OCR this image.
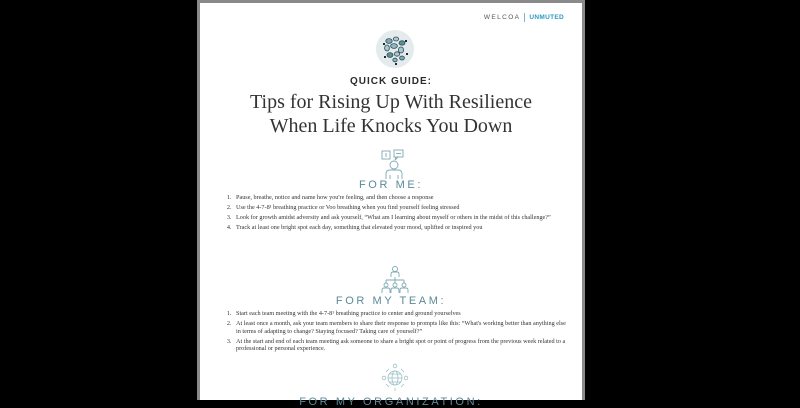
WELCOA UNMUTED
QUICK GUIDE:
Tips for Rising Up With Resilience
When Life Knocks You Down
FOR ME:
1. Pause, breathe, notice and name how you're feeling, and then choose a response
2. Use the 4-7-8¹ breathing practice or Voo breathing when you find yourself feeling stressed
3. Look for growth amidst adversity and ask yourself, “What am I learning about myself or others in the midst of this challenge?”
4. Track at least one bright spot each day, something that elevated your mood, uplifted or inspired you
FOR MY TEAM:
1. Start each team meeting with the 4-7-8¹ breathing practice to center and ground yourselves
2. At least once a month, ask your team members to share their response to prompts like this: “What's working better than anything else in terms of adapting to change? Staying focused? Taking care of yourself?”
3. At the start and end of each team meeting ask someone to share a bright spot or point of progress from the previous week related to a professional or personal experience.
FOR MY ORGANIZATION:
